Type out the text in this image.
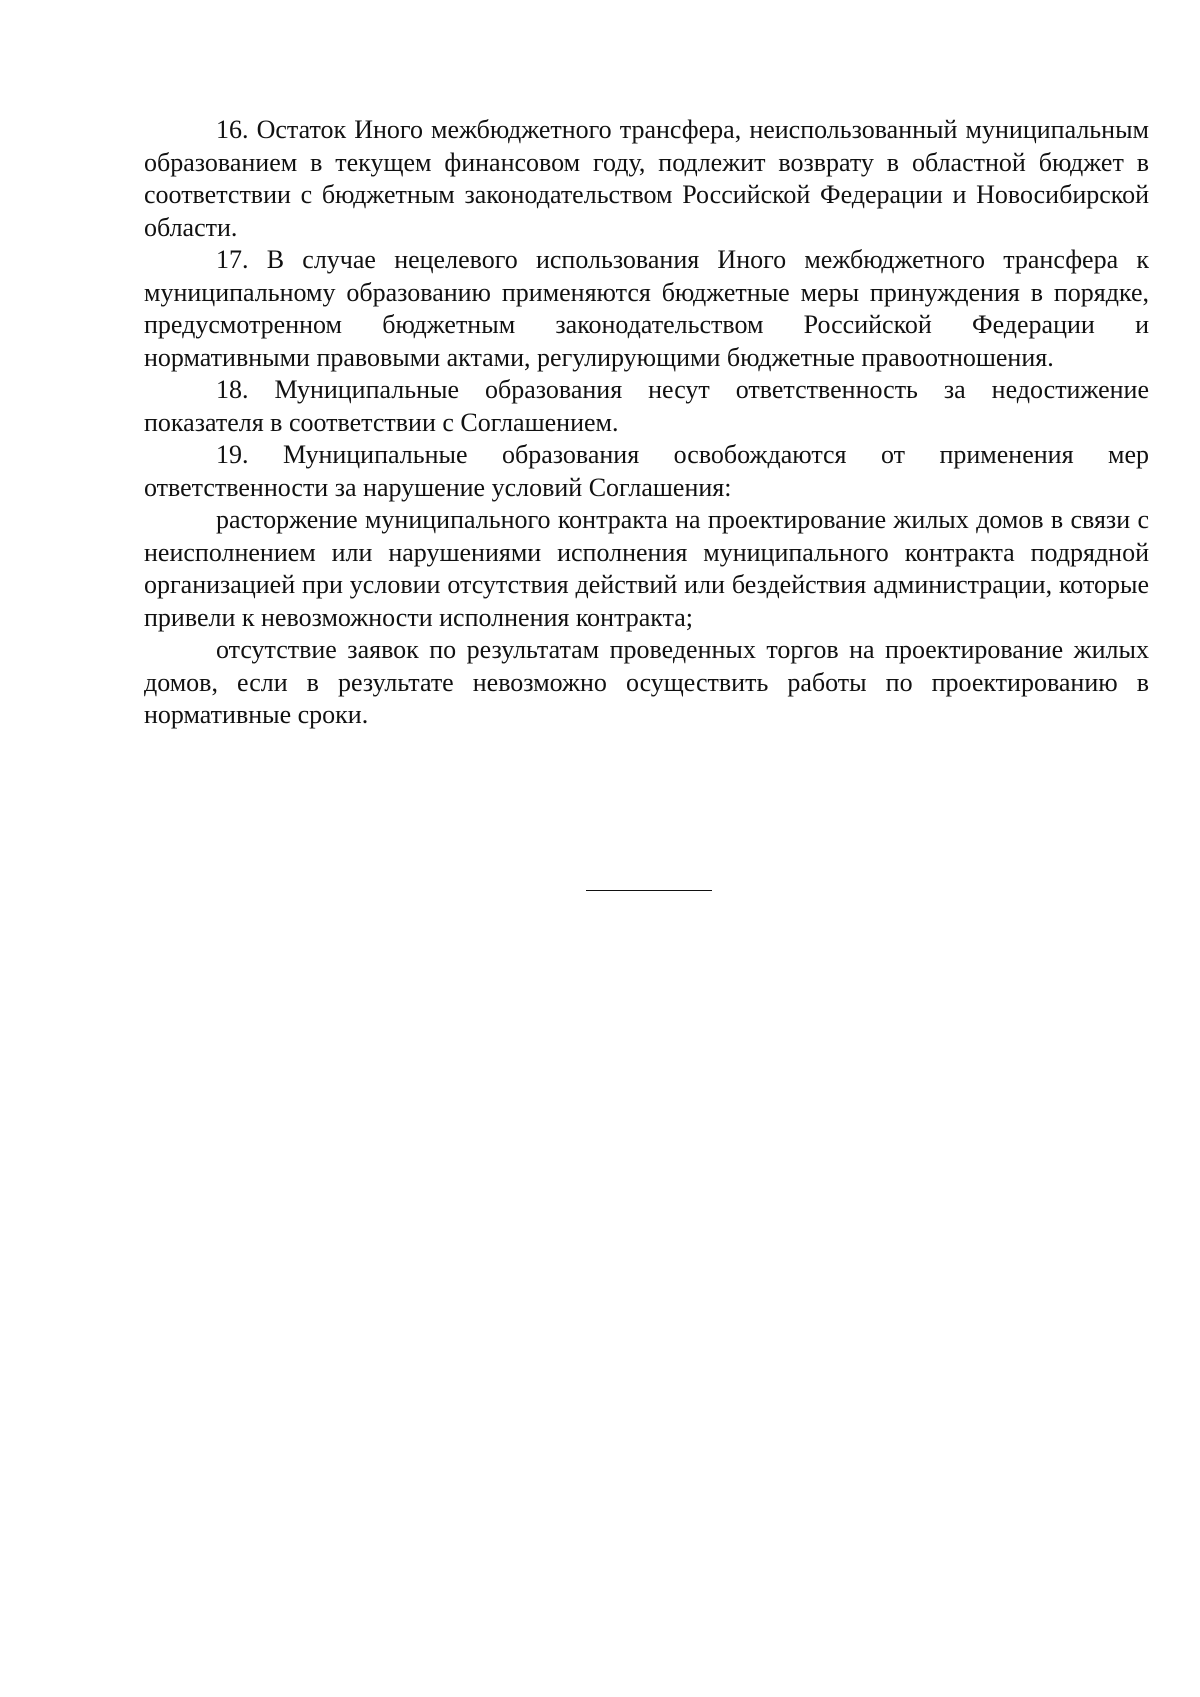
16. Остаток Иного межбюджетного трансфера, неиспользованный муниципальным образованием в текущем финансовом году, подлежит возврату в областной бюджет в соответствии с бюджетным законодательством Российской Федерации и Новосибирской области.

17. В случае нецелевого использования Иного межбюджетного трансфера к муниципальному образованию применяются бюджетные меры принуждения в порядке, предусмотренном бюджетным законодательством Российской Федерации и нормативными правовыми актами, регулирующими бюджетные правоотношения.

18. Муниципальные образования несут ответственность за недостижение показателя в соответствии с Соглашением.

19. Муниципальные образования освобождаются от применения мер ответственности за нарушение условий Соглашения:

расторжение муниципального контракта на проектирование жилых домов в связи с неисполнением или нарушениями исполнения муниципального контракта подрядной организацией при условии отсутствия действий или бездействия администрации, которые привели к невозможности исполнения контракта;

отсутствие заявок по результатам проведенных торгов на проектирование жилых домов, если в результате невозможно осуществить работы по проектированию в нормативные сроки.
